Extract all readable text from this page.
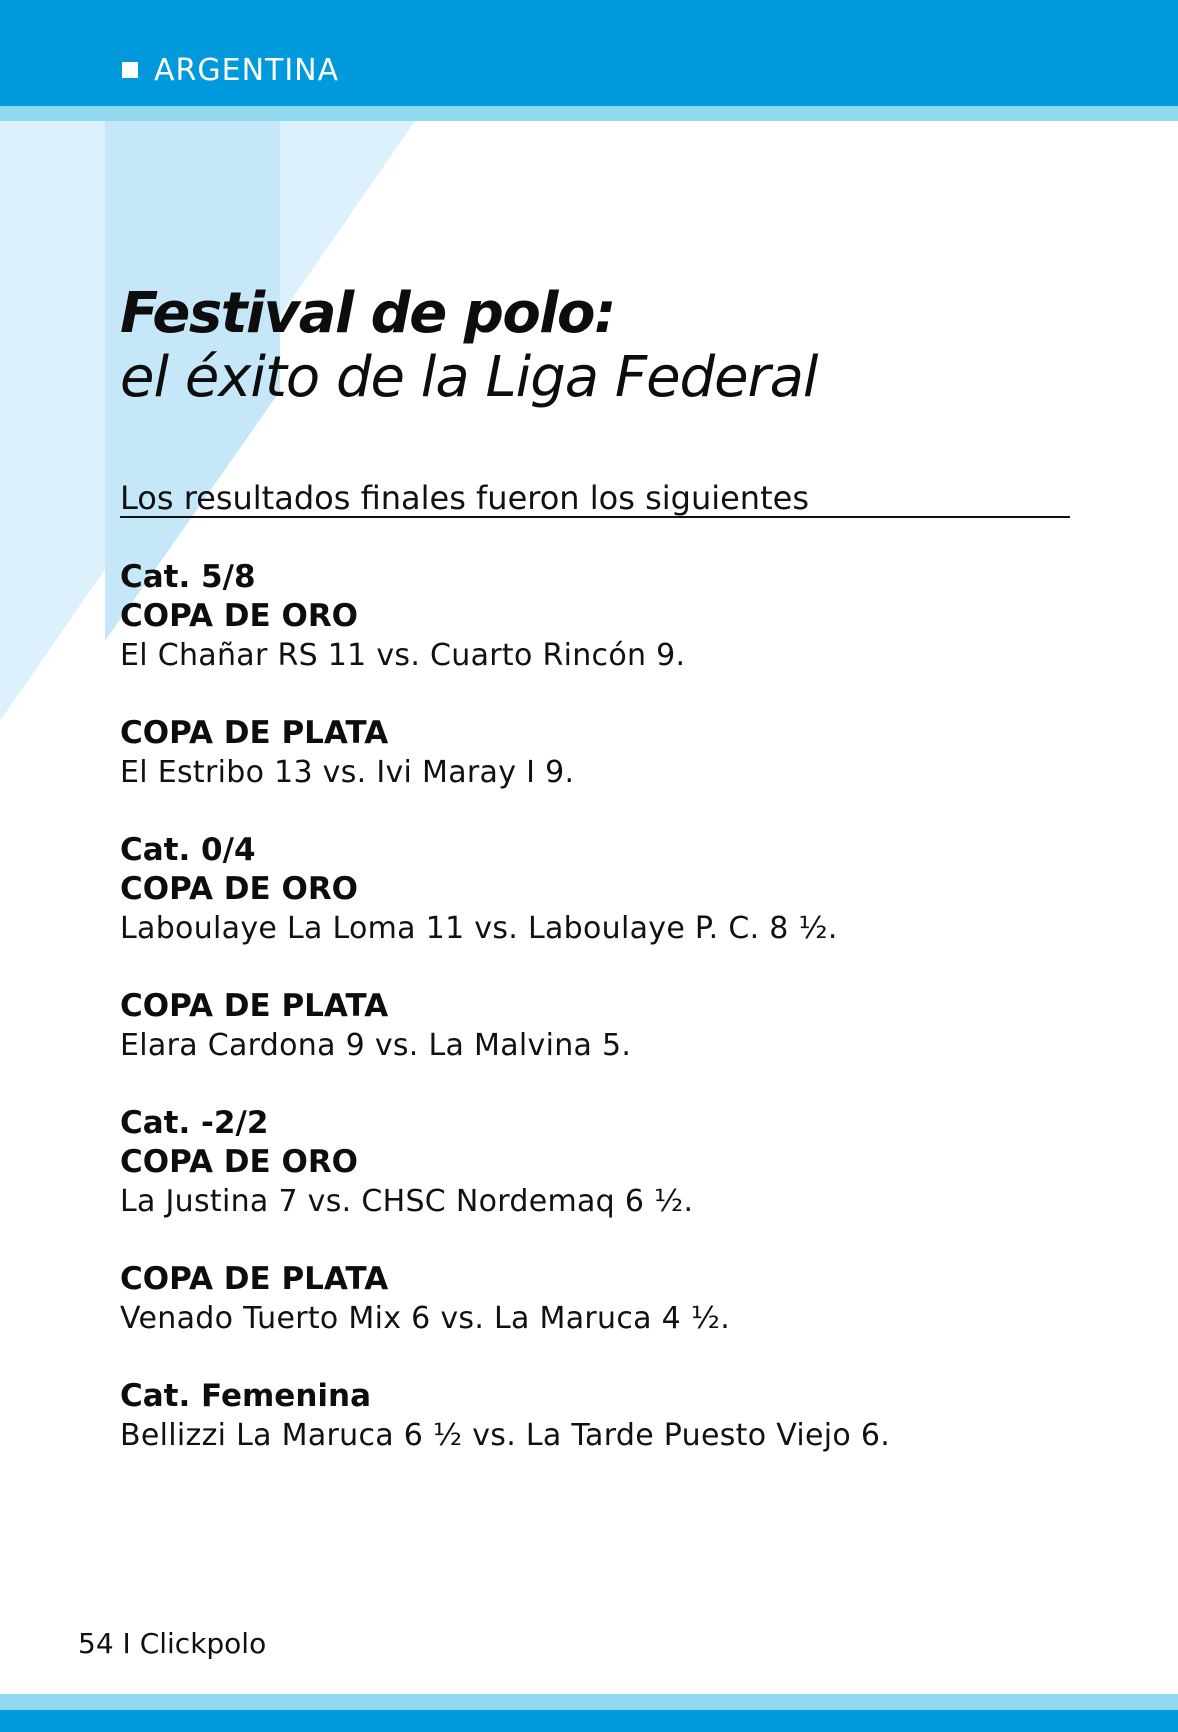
ARGENTINA
Festival de polo:
el éxito de la Liga Federal
Los resultados finales fueron los siguientes
Cat. 5/8
COPA DE ORO
El Chañar RS 11 vs. Cuarto Rincón 9.
COPA DE PLATA
El Estribo 13 vs. Ivi Maray I 9.
Cat. 0/4
COPA DE ORO
Laboulaye La Loma 11 vs. Laboulaye P. C. 8 ½.
COPA DE PLATA
Elara Cardona 9 vs. La Malvina 5.
Cat. -2/2
COPA DE ORO
La Justina 7 vs. CHSC Nordemaq 6 ½.
COPA DE PLATA
Venado Tuerto Mix 6 vs. La Maruca 4 ½.
Cat. Femenina
Bellizzi La Maruca 6 ½ vs. La Tarde Puesto Viejo 6.
54 I Clickpolo
